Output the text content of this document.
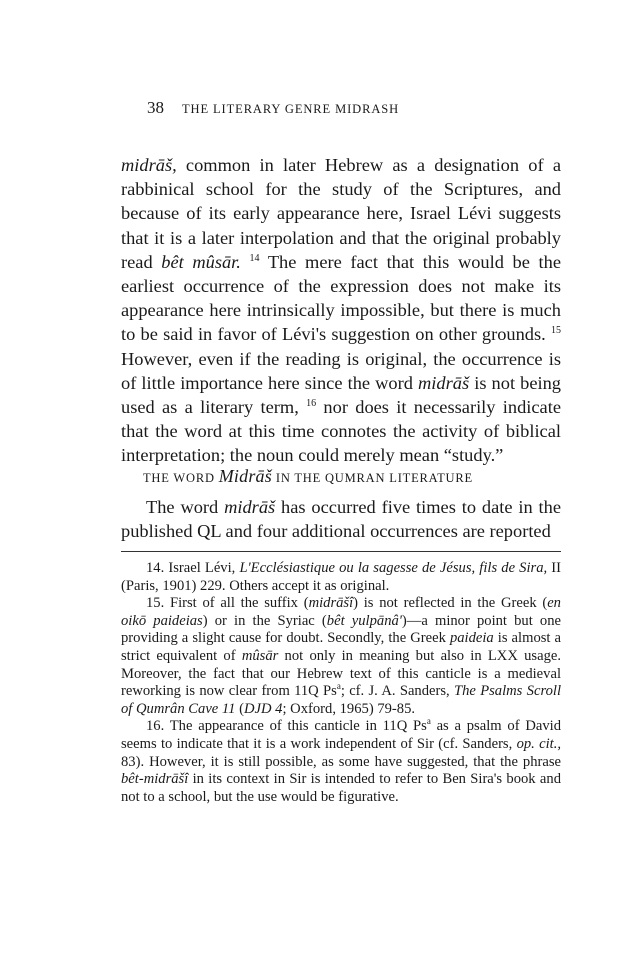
38 THE LITERARY GENRE MIDRASH

midrāš, common in later Hebrew as a designation of a rabbinical school for the study of the Scriptures, and because of its early appearance here, Israel Lévi suggests that it is a later interpolation and that the original probably read bêt mûsār. $^{14}$ The mere fact that this would be the earliest occurrence of the expression does not make its appearance here intrinsically impossible, but there is much to be said in favor of Lévi's suggestion on other grounds. $^{15}$ However, even if the reading is original, the occurrence is of little importance here since the word midrāš is not being used as a literary term, $^{16}$ nor does it necessarily indicate that the word at this time connotes the activity of biblical interpretation; the noun could merely mean “study.”

THE WORD Midrāš IN THE QUMRAN LITERATURE

The word midrāš has occurred five times to date in the published QL and four additional occurrences are reported

14. Israel Lévi, L'Ecclésiastique ou la sagesse de Jésus, fils de Sira, II (Paris, 1901) 229. Others accept it as original.

15. First of all the suffix (midrāšî) is not reflected in the Greek (en oikō paideias) or in the Syriac (bêt yulpānâ')—a minor point but one providing a slight cause for doubt. Secondly, the Greek paideia is almost a strict equivalent of mûsār not only in meaning but also in LXX usage. Moreover, the fact that our Hebrew text of this canticle is a medieval reworking is now clear from 11Q Ps$^a$; cf. J. A. Sanders, The Psalms Scroll of Qumrân Cave 11 (DJD 4; Oxford, 1965) 79-85.

16. The appearance of this canticle in 11Q Ps$^a$ as a psalm of David seems to indicate that it is a work independent of Sir (cf. Sanders, op. cit., 83). However, it is still possible, as some have suggested, that the phrase bêt-midrāšî in its context in Sir is intended to refer to Ben Sira's book and not to a school, but the use would be figurative.
